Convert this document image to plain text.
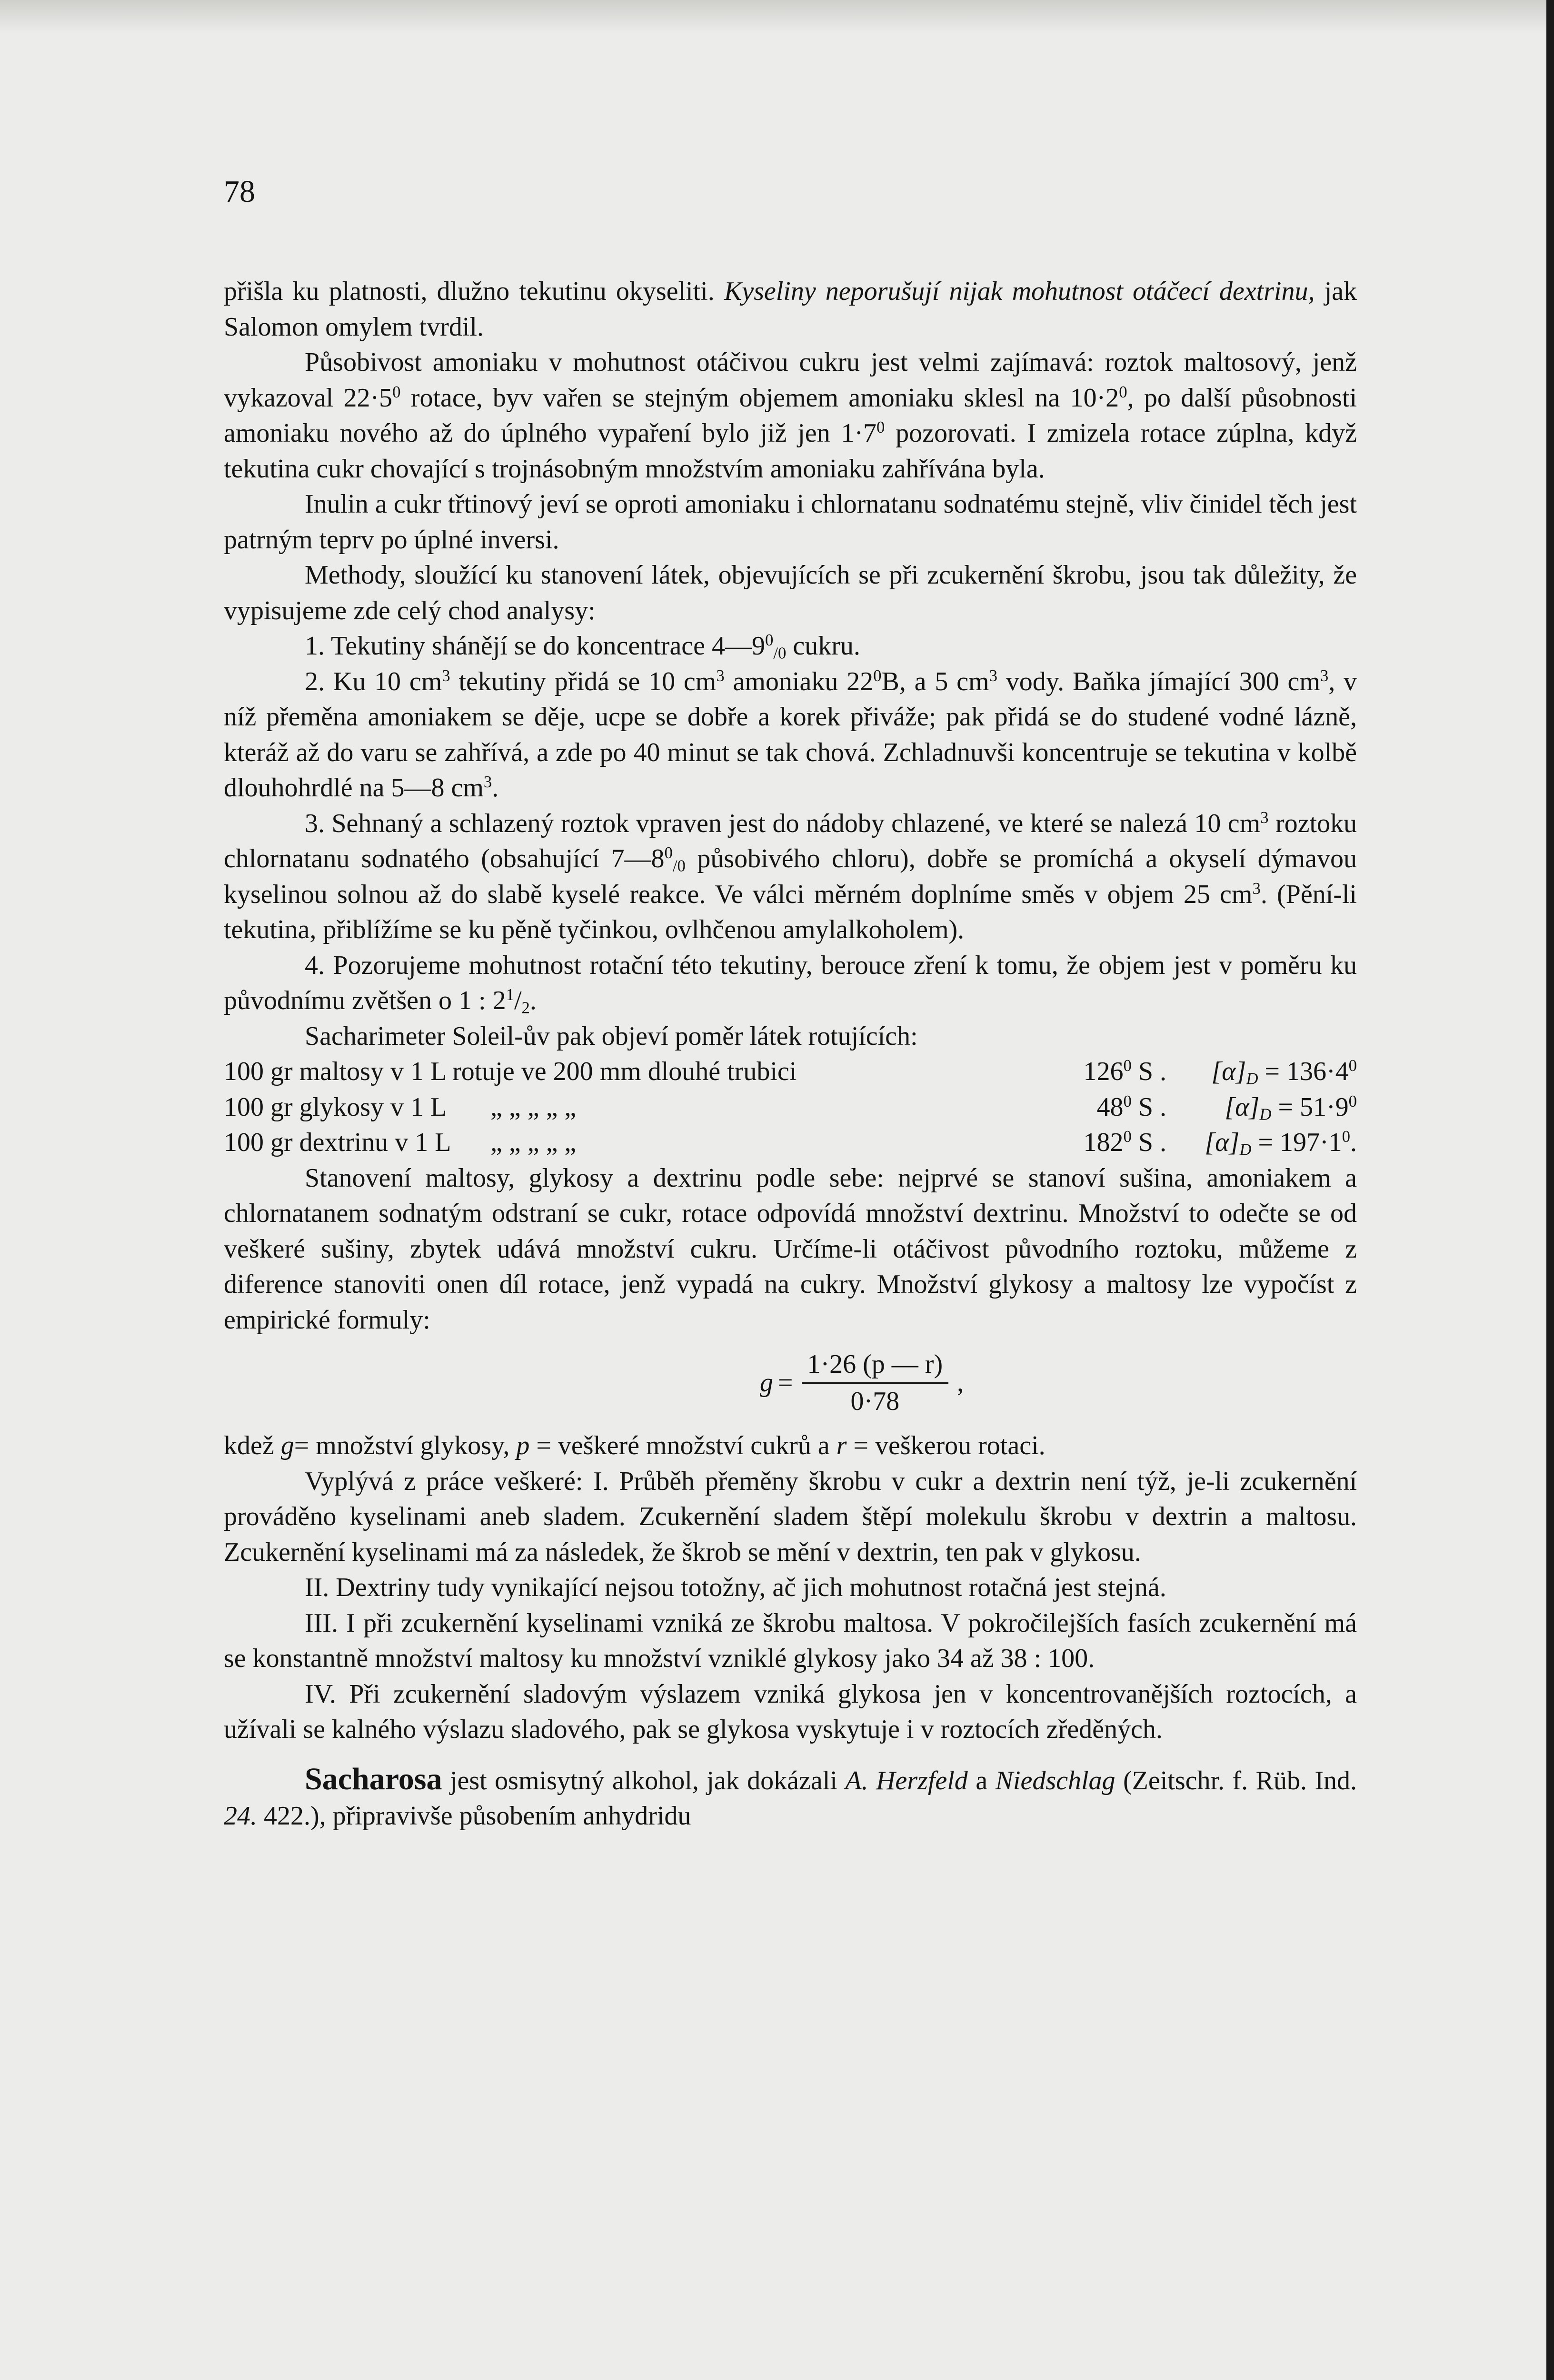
78

přišla ku platnosti, dlužno tekutinu okyseliti. Kyseliny neporušují nijak mohutnost otáčecí dextrinu, jak Salomon omylem tvrdil.

Působivost amoniaku v mohutnost otáčivou cukru jest velmi zajímavá: roztok maltosový, jenž vykazoval $22\cdot 5^0$ rotace, byv vařen se stejným objemem amoniaku sklesl na $10\cdot 2^0$, po další působnosti amoniaku nového až do úplného vypaření bylo již jen $1\cdot 7^0$ pozorovati. I zmizela rotace zúplna, když tekutina cukr chovající s trojnásobným množstvím amoniaku zahřívána byla.

Inulin a cukr třtinový jeví se oproti amoniaku i chlornatanu sodnatému stejně, vliv činidel těch jest patrným teprv po úplné inversi.

Methody, sloužící ku stanovení látek, objevujících se při zcukernění škrobu, jsou tak důležity, že vypisujeme zde celý chod analysy:

1. Tekutiny shánějí se do koncentrace $4—9^0_{/0}$ cukru.

2. Ku 10 $cm^3$ tekutiny přidá se 10 $cm^3$ amoniaku $22^0B$, a 5 $cm^3$ vody. Baňka jímající 300 $cm^3$, v níž přeměna amoniakem se děje, ucpe se dobře a korek přiváže; pak přidá se do studené vodné lázně, kteráž až do varu se zahřívá, a zde po 40 minut se tak chová. Zchladnuvši koncentruje se tekutina v kolbě dlouhohrdlé na 5—8 $cm^3$.

3. Sehnaný a schlazený roztok vpraven jest do nádoby chlazené, ve které se nalezá 10 $cm^3$ roztoku chlornatanu sodnatého (obsahující $7—8^0_{/0}$ působivého chloru), dobře se promíchá a okyselí dýmavou kyselinou solnou až do slabě kyselé reakce. Ve válci měrném doplníme směs v objem 25 $cm^3$. (Pění-li tekutina, přiblížíme se ku pěně tyčinkou, ovlhčenou amylalkoholem).

4. Pozorujeme mohutnost rotační této tekutiny, berouce zření k tomu, že objem jest v poměru ku původnímu zvětšen o 1 : $2^1/_2$.

Sacharimeter Soleil-ův pak objeví poměr látek rotujících:

100 gr maltosy v 1 L rotuje ve 200 mm dlouhé trubici	$126^0$ S .	$[\alpha]_D = 136\cdot 4^0$
100 gr glykosy v 1 L	„ „ „ „ „	$48^0$ S .	$[\alpha]_D = 51\cdot 9^0$
100 gr dextrinu v 1 L	„ „ „ „ „	$182^0$ S .	$[\alpha]_D = 197\cdot 1^0$.

Stanovení maltosy, glykosy a dextrinu podle sebe: nejprvé se stanoví sušina, amoniakem a chlornatanem sodnatým odstraní se cukr, rotace odpovídá množství dextrinu. Množství to odečte se od veškeré sušiny, zbytek udává množství cukru. Určíme-li otáčivost původního roztoku, můžeme z diference stanoviti onen díl rotace, jenž vypadá na cukry. Množství glykosy a maltosy lze vypočíst z empirické formuly:

$g = \frac{1\cdot 26 (p — r)}{0\cdot 78}$ ,

kdež g= množství glykosy, p = veškeré množství cukrů a r = veškerou rotaci.

Vyplývá z práce veškeré: I. Průběh přeměny škrobu v cukr a dextrin není týž, je-li zcukernění prováděno kyselinami aneb sladem. Zcukernění sladem štěpí molekulu škrobu v dextrin a maltosu. Zcukernění kyselinami má za následek, že škrob se mění v dextrin, ten pak v glykosu.

II. Dextriny tudy vynikající nejsou totožny, ač jich mohutnost rotačná jest stejná.

III. I při zcukernění kyselinami vzniká ze škrobu maltosa. V pokročilejších fasích zcukernění má se konstantně množství maltosy ku množství vzniklé glykosy jako 34 až 38 : 100.

IV. Při zcukernění sladovým výslazem vzniká glykosa jen v koncentrovanějších roztocích, a užívali se kalného výslazu sladového, pak se glykosa vyskytuje i v roztocích zředěných.

Sacharosa jest osmisytný alkohol, jak dokázali A. Herzfeld a Niedschlag (Zeitschr. f. Rüb. Ind. 24. 422.), připravivše působením anhydridu
